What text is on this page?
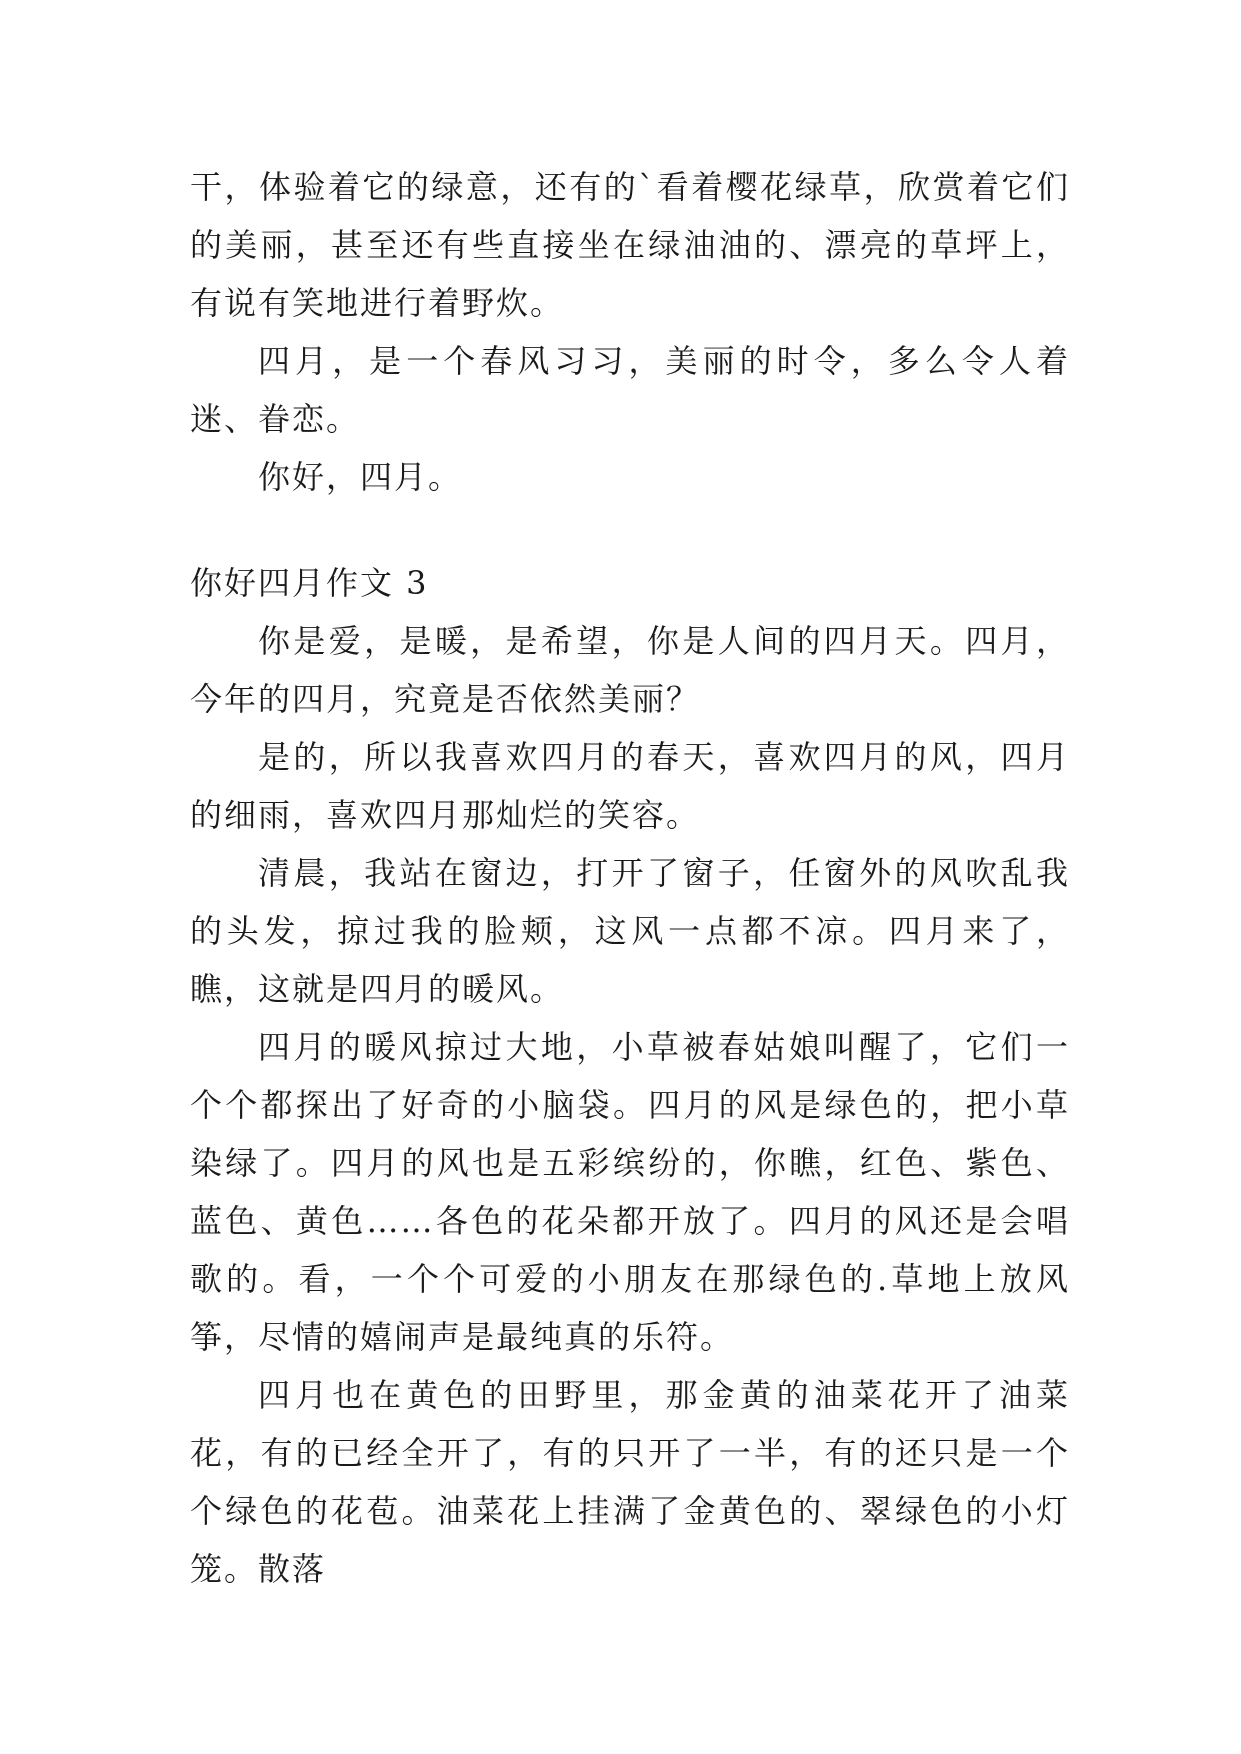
干，体验着它的绿意，还有的`看着樱花绿草，欣赏着它们的美丽，甚至还有些直接坐在绿油油的、漂亮的草坪上，有说有笑地进行着野炊。

四月，是一个春风习习，美丽的时令，多么令人着迷、眷恋。

你好，四月。

你好四月作文 3

你是爱，是暖，是希望，你是人间的四月天。四月，今年的四月，究竟是否依然美丽？

是的，所以我喜欢四月的春天，喜欢四月的风，四月的细雨，喜欢四月那灿烂的笑容。

清晨，我站在窗边，打开了窗子，任窗外的风吹乱我的头发，掠过我的脸颊，这风一点都不凉。四月来了，瞧，这就是四月的暖风。

四月的暖风掠过大地，小草被春姑娘叫醒了，它们一个个都探出了好奇的小脑袋。四月的风是绿色的，把小草染绿了。四月的风也是五彩缤纷的，你瞧，红色、紫色、蓝色、黄色……各色的花朵都开放了。四月的风还是会唱歌的。看，一个个可爱的小朋友在那绿色的.草地上放风筝，尽情的嬉闹声是最纯真的乐符。

四月也在黄色的田野里，那金黄的油菜花开了油菜花，有的已经全开了，有的只开了一半，有的还只是一个个绿色的花苞。油菜花上挂满了金黄色的、翠绿色的小灯笼。散落
